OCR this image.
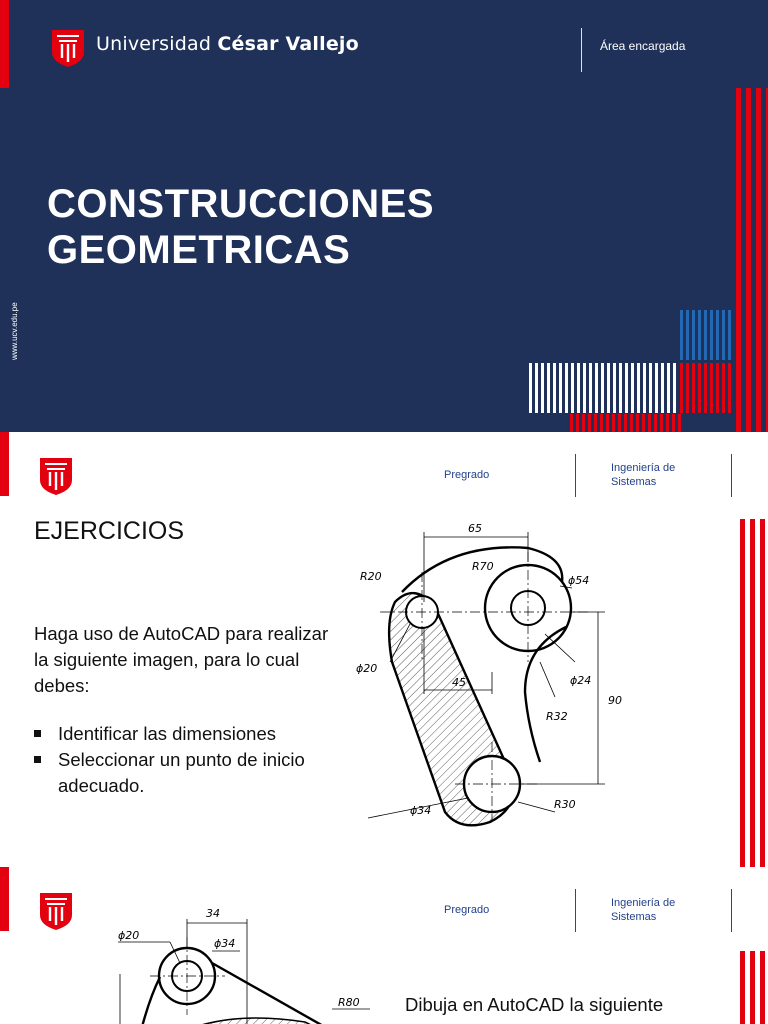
Universidad César Vallejo	Área encargada
CONSTRUCCIONES
GEOMETRICAS
www.ucv.edu.pe
Pregrado
Ingeniería de Sistemas
EJERCICIOS
Haga uso de AutoCAD para realizar la siguiente imagen, para lo cual debes:
Identificar las dimensiones
Seleccionar un punto de inicio adecuado.
65
ϕ54
R70
R20
ϕ20
ϕ24
45
R32
90
ϕ34	R30
Pregrado
Ingeniería de Sistemas
34
ϕ20
ϕ34
R80 Dibuja en AutoCAD la siguiente
